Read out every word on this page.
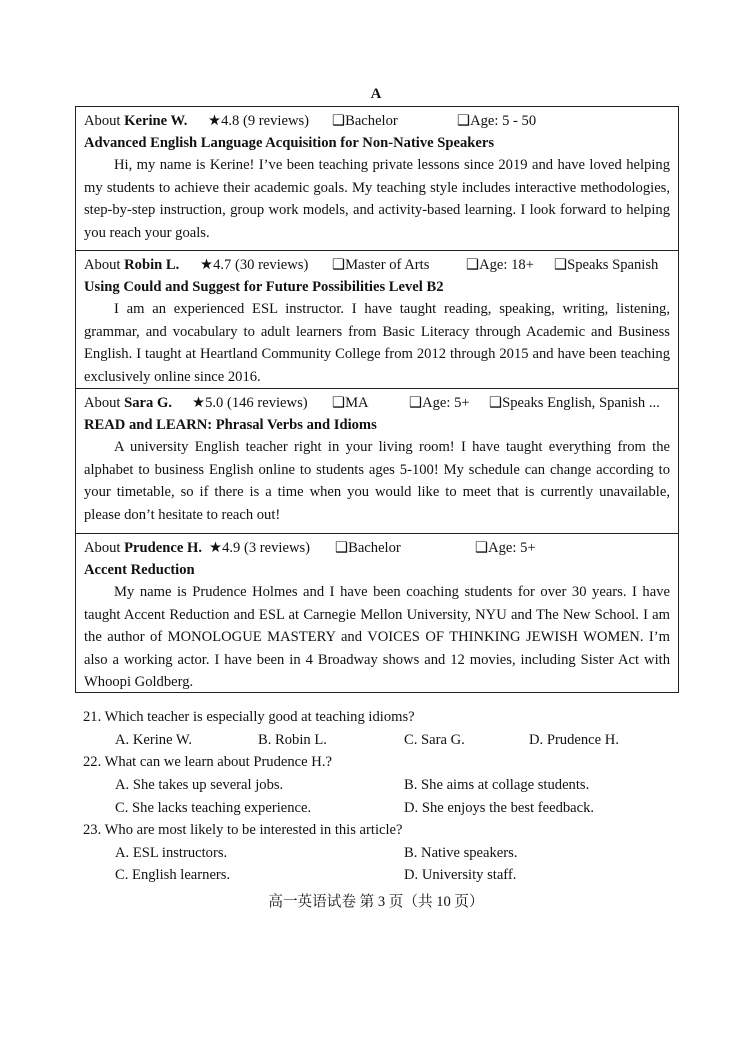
A
About Kerine W. ★4.8 (9 reviews) ❑Bachelor	❑Age: 5 - 50
Advanced English Language Acquisition for Non-Native Speakers
Hi, my name is Kerine! I’ve been teaching private lessons since 2019 and have loved helping my students to achieve their academic goals. My teaching style includes interactive methodologies, step-by-step instruction, group work models, and activity-based learning. I look forward to helping you reach your goals.
About Robin L. ★4.7 (30 reviews) ❑Master of Arts	❑Age: 18+ ❑Speaks Spanish
Using Could and Suggest for Future Possibilities Level B2
I am an experienced ESL instructor. I have taught reading, speaking, writing, listening, grammar, and vocabulary to adult learners from Basic Literacy through Academic and Business English. I taught at Heartland Community College from 2012 through 2015 and have been teaching exclusively online since 2016.
About Sara G. ★5.0 (146 reviews) ❑MA	❑Age: 5+ ❑Speaks English, Spanish ...
READ and LEARN: Phrasal Verbs and Idioms
A university English teacher right in your living room! I have taught everything from the alphabet to business English online to students ages 5-100! My schedule can change according to your timetable, so if there is a time when you would like to meet that is currently unavailable, please don’t hesitate to reach out!
About Prudence H. ★4.9 (3 reviews) ❑Bachelor	❑Age: 5+
Accent Reduction
My name is Prudence Holmes and I have been coaching students for over 30 years. I have taught Accent Reduction and ESL at Carnegie Mellon University, NYU and The New School. I am the author of MONOLOGUE MASTERY and VOICES OF THINKING JEWISH WOMEN. I’m also a working actor. I have been in 4 Broadway shows and 12 movies, including Sister Act with Whoopi Goldberg.
21. Which teacher is especially good at teaching idioms?
A. Kerine W.	B. Robin L.	C. Sara G.	D. Prudence H.
22. What can we learn about Prudence H.?
A. She takes up several jobs.	B. She aims at collage students.
C. She lacks teaching experience.	D. She enjoys the best feedback.
23. Who are most likely to be interested in this article?
A. ESL instructors.	B. Native speakers.
C. English learners.	D. University staff.
高一英语试卷 第 3 页（共 10 页）
